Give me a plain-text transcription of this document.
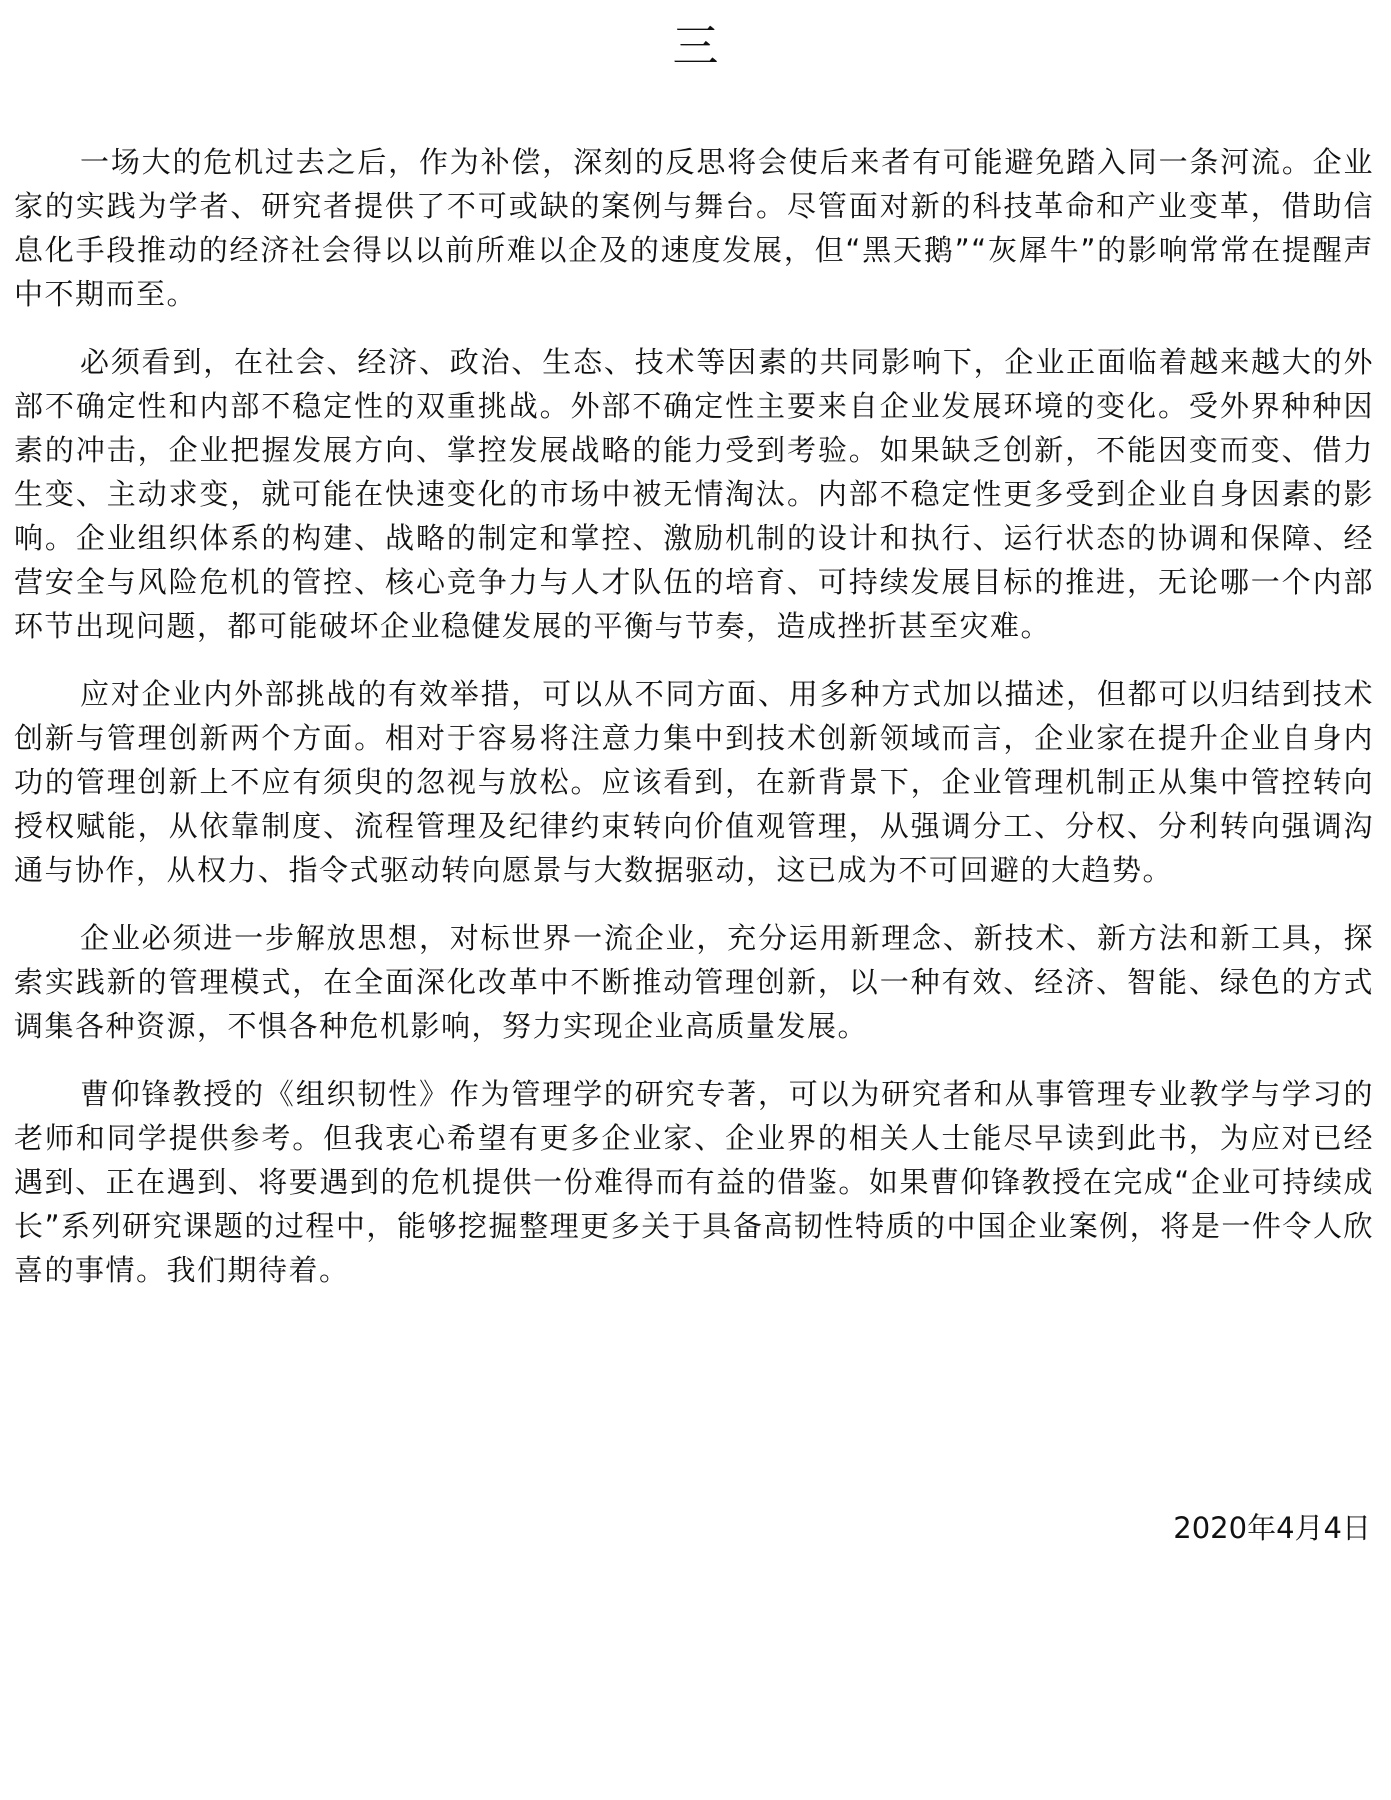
三

一场大的危机过去之后，作为补偿，深刻的反思将会使后来者有可能避免踏入同一条河流。企业家的实践为学者、研究者提供了不可或缺的案例与舞台。尽管面对新的科技革命和产业变革，借助信息化手段推动的经济社会得以以前所难以企及的速度发展，但“黑天鹅”“灰犀牛”的影响常常在提醒声中不期而至。

必须看到，在社会、经济、政治、生态、技术等因素的共同影响下，企业正面临着越来越大的外部不确定性和内部不稳定性的双重挑战。外部不确定性主要来自企业发展环境的变化。受外界种种因素的冲击，企业把握发展方向、掌控发展战略的能力受到考验。如果缺乏创新，不能因变而变、借力生变、主动求变，就可能在快速变化的市场中被无情淘汰。内部不稳定性更多受到企业自身因素的影响。企业组织体系的构建、战略的制定和掌控、激励机制的设计和执行、运行状态的协调和保障、经营安全与风险危机的管控、核心竞争力与人才队伍的培育、可持续发展目标的推进，无论哪一个内部环节出现问题，都可能破坏企业稳健发展的平衡与节奏，造成挫折甚至灾难。

应对企业内外部挑战的有效举措，可以从不同方面、用多种方式加以描述，但都可以归结到技术创新与管理创新两个方面。相对于容易将注意力集中到技术创新领域而言，企业家在提升企业自身内功的管理创新上不应有须臾的忽视与放松。应该看到，在新背景下，企业管理机制正从集中管控转向授权赋能，从依靠制度、流程管理及纪律约束转向价值观管理，从强调分工、分权、分利转向强调沟通与协作，从权力、指令式驱动转向愿景与大数据驱动，这已成为不可回避的大趋势。

企业必须进一步解放思想，对标世界一流企业，充分运用新理念、新技术、新方法和新工具，探索实践新的管理模式，在全面深化改革中不断推动管理创新，以一种有效、经济、智能、绿色的方式调集各种资源，不惧各种危机影响，努力实现企业高质量发展。

曹仰锋教授的《组织韧性》作为管理学的研究专著，可以为研究者和从事管理专业教学与学习的老师和同学提供参考。但我衷心希望有更多企业家、企业界的相关人士能尽早读到此书，为应对已经遇到、正在遇到、将要遇到的危机提供一份难得而有益的借鉴。如果曹仰锋教授在完成“企业可持续成长”系列研究课题的过程中，能够挖掘整理更多关于具备高韧性特质的中国企业案例，将是一件令人欣喜的事情。我们期待着。

2020年4月4日
